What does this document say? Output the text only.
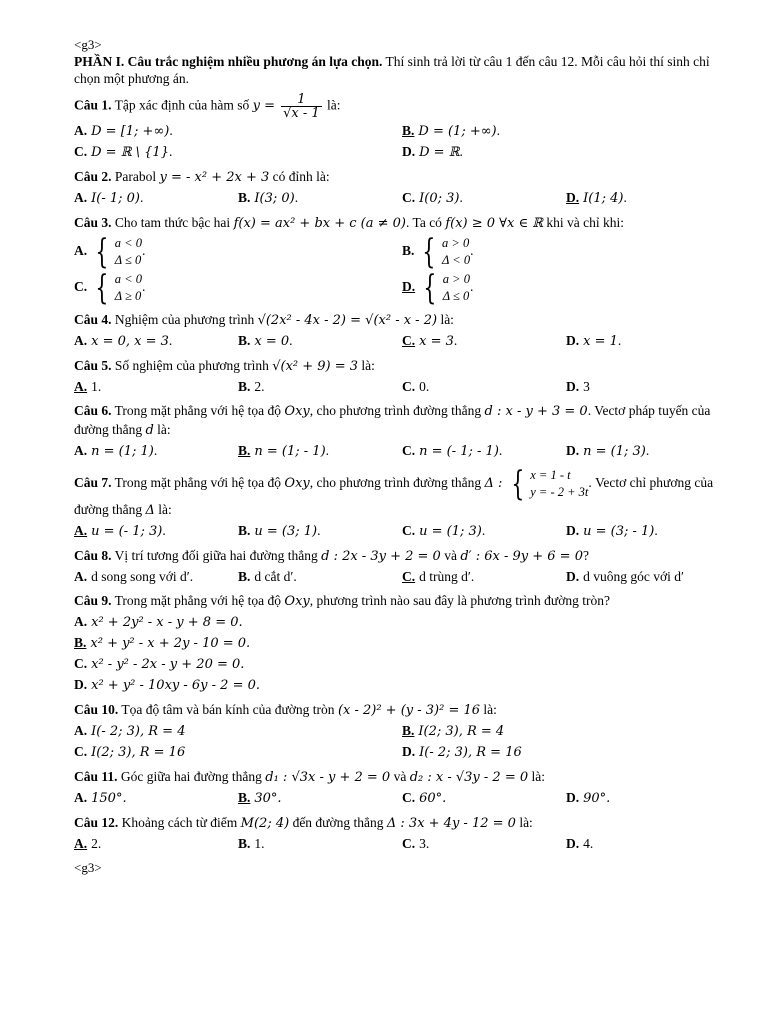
<g3>
PHẦN I. Câu trắc nghiệm nhiều phương án lựa chọn. Thí sinh trả lời từ câu 1 đến câu 12. Mỗi câu hỏi thí sinh chỉ chọn một phương án.
Câu 1. Tập xác định của hàm số $y = \frac{1}{√x - 1}$ là:
A. D = [1; +∞).	B. D = (1; +∞).
C. D = ℝ \ {1}.	D. D = ℝ.
Câu 2. Parabol y = - x² + 2x + 3 có đỉnh là:
A. I(- 1; 0).	B. I(3; 0).	C. I(0; 3).	D. I(1; 4).
Câu 3. Cho tam thức bậc hai f(x) = ax² + bx + c (a ≠ 0). Ta có f(x) ≥ 0 ∀x ∈ ℝ khi và chỉ khi:
A. { a < 0
Δ ≤ 0
.	B. { a > 0
Δ < 0
.
C. { a < 0
Δ ≥ 0
.	D. { a > 0
Δ ≤ 0
.
Câu 4. Nghiệm của phương trình √(2x² - 4x - 2) = √(x² - x - 2) là:
A. x = 0, x = 3.	B. x = 0.	C. x = 3.	D. x = 1.
Câu 5. Số nghiệm của phương trình √(x² + 9) = 3 là:
A. 1.	B. 2.	C. 0.	D. 3
Câu 6. Trong mặt phẳng với hệ tọa độ Oxy, cho phương trình đường thẳng d : x - y + 3 = 0. Vectơ pháp tuyến của đường thẳng d là:
A. n = (1; 1).	B. n = (1; - 1).	C. n = (- 1; - 1).	D. n = (1; 3).
Câu 7. Trong mặt phẳng với hệ tọa độ Oxy, cho phương trình đường thẳng Δ : { x = 1 - t
y = - 2 + 3t
. Vectơ chỉ phương của đường thẳng Δ là:
A. u = (- 1; 3).	B. u = (3; 1).	C. u = (1; 3).	D. u = (3; - 1).
Câu 8. Vị trí tương đối giữa hai đường thẳng d : 2x - 3y + 2 = 0 và d′ : 6x - 9y + 6 = 0?
A. d song song với d′.	B. d cắt d′.	C. d trùng d′.	D. d vuông góc với d′
Câu 9. Trong mặt phẳng với hệ tọa độ Oxy, phương trình nào sau đây là phương trình đường tròn?
A. x² + 2y² - x - y + 8 = 0.
B. x² + y² - x + 2y - 10 = 0.
C. x² - y² - 2x - y + 20 = 0.
D. x² + y² - 10xy - 6y - 2 = 0.
Câu 10. Tọa độ tâm và bán kính của đường tròn (x - 2)² + (y - 3)² = 16 là:
A. I(- 2; 3), R = 4	B. I(2; 3), R = 4
C. I(2; 3), R = 16	D. I(- 2; 3), R = 16
Câu 11. Góc giữa hai đường thẳng d₁ : √3x - y + 2 = 0 và d₂ : x - √3y - 2 = 0 là:
A. 150°.	B. 30°.	C. 60°.	D. 90°.
Câu 12. Khoảng cách từ điểm M(2; 4) đến đường thẳng Δ : 3x + 4y - 12 = 0 là:
A. 2.	B. 1.	C. 3.	D. 4.
<g3>
